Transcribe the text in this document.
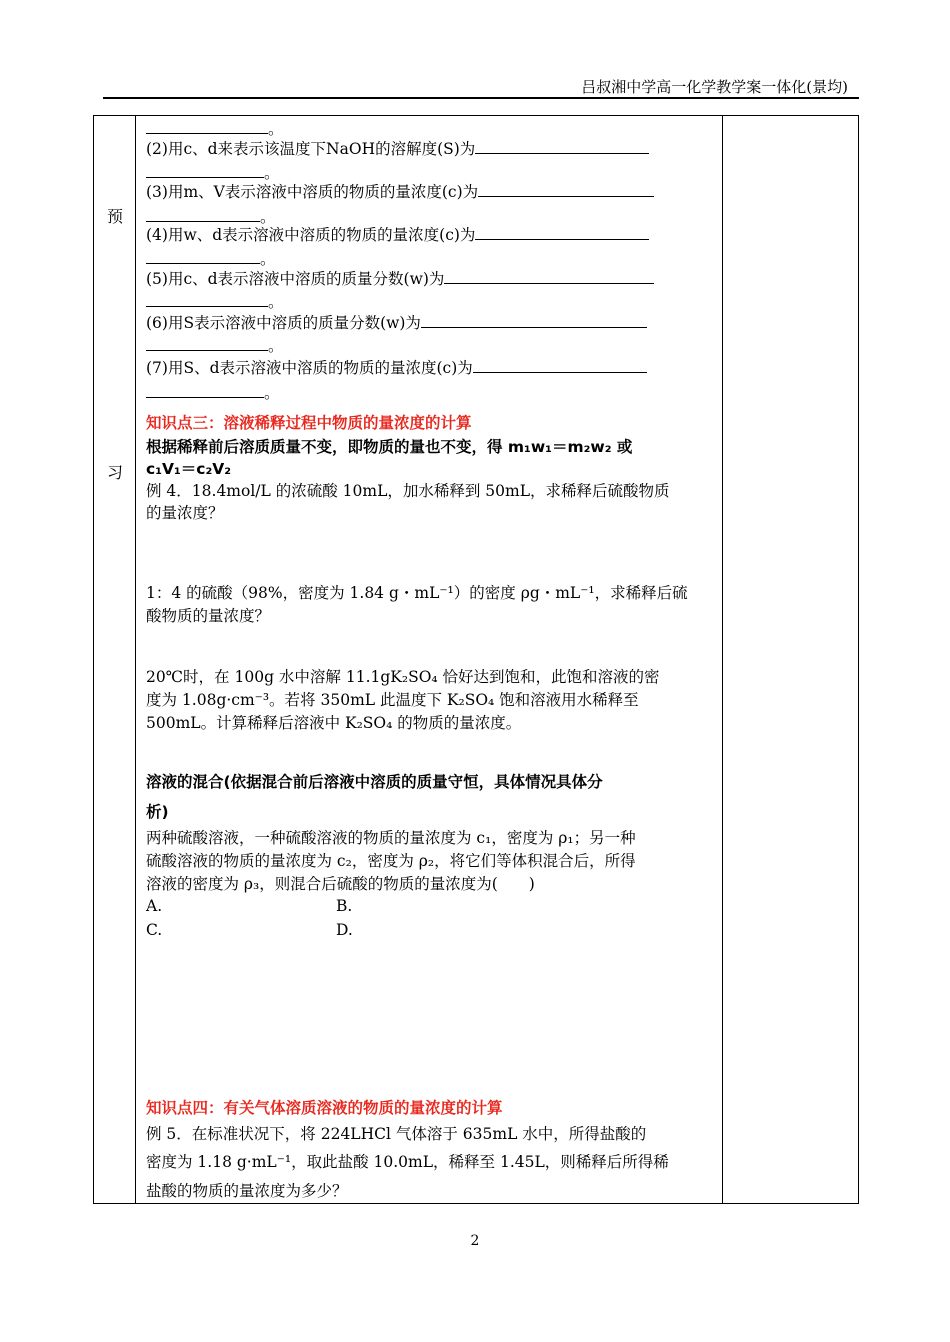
吕叔湘中学高一化学教学案一体化(景均)
预
习
。
(2)用c、d来表示该温度下NaOH的溶解度(S)为
。
(3)用m、V表示溶液中溶质的物质的量浓度(c)为
。
(4)用w、d表示溶液中溶质的物质的量浓度(c)为
。
(5)用c、d表示溶液中溶质的质量分数(w)为
。
(6)用S表示溶液中溶质的质量分数(w)为
。
(7)用S、d表示溶液中溶质的物质的量浓度(c)为
。
知识点三：溶液稀释过程中物质的量浓度的计算
根据稀释前后溶质质量不变，即物质的量也不变，得 m₁w₁＝m₂w₂ 或
c₁V₁＝c₂V₂
例 4．18.4mol/L 的浓硫酸 10mL，加水稀释到 50mL，求稀释后硫酸物质
的量浓度？
1：4 的硫酸（98%，密度为 1.84 g・mL⁻¹）的密度 ρg・mL⁻¹，求稀释后硫
酸物质的量浓度？
20℃时，在 100g 水中溶解 11.1gK₂SO₄ 恰好达到饱和，此饱和溶液的密
度为 1.08g·cm⁻³。若将 350mL 此温度下 K₂SO₄ 饱和溶液用水稀释至
500mL。计算稀释后溶液中 K₂SO₄ 的物质的量浓度。
溶液的混合(依据混合前后溶液中溶质的质量守恒，具体情况具体分
析)
两种硫酸溶液，一种硫酸溶液的物质的量浓度为 c₁，密度为 ρ₁；另一种
硫酸溶液的物质的量浓度为 c₂，密度为 ρ₂，将它们等体积混合后，所得
溶液的密度为 ρ₃，则混合后硫酸的物质的量浓度为(　　)
A.	B.
C.	D.
知识点四：有关气体溶质溶液的物质的量浓度的计算
例 5．在标准状况下，将 224LHCl 气体溶于 635mL 水中，所得盐酸的
密度为 1.18 g·mL⁻¹，取此盐酸 10.0mL，稀释至 1.45L，则稀释后所得稀
盐酸的物质的量浓度为多少？
2
